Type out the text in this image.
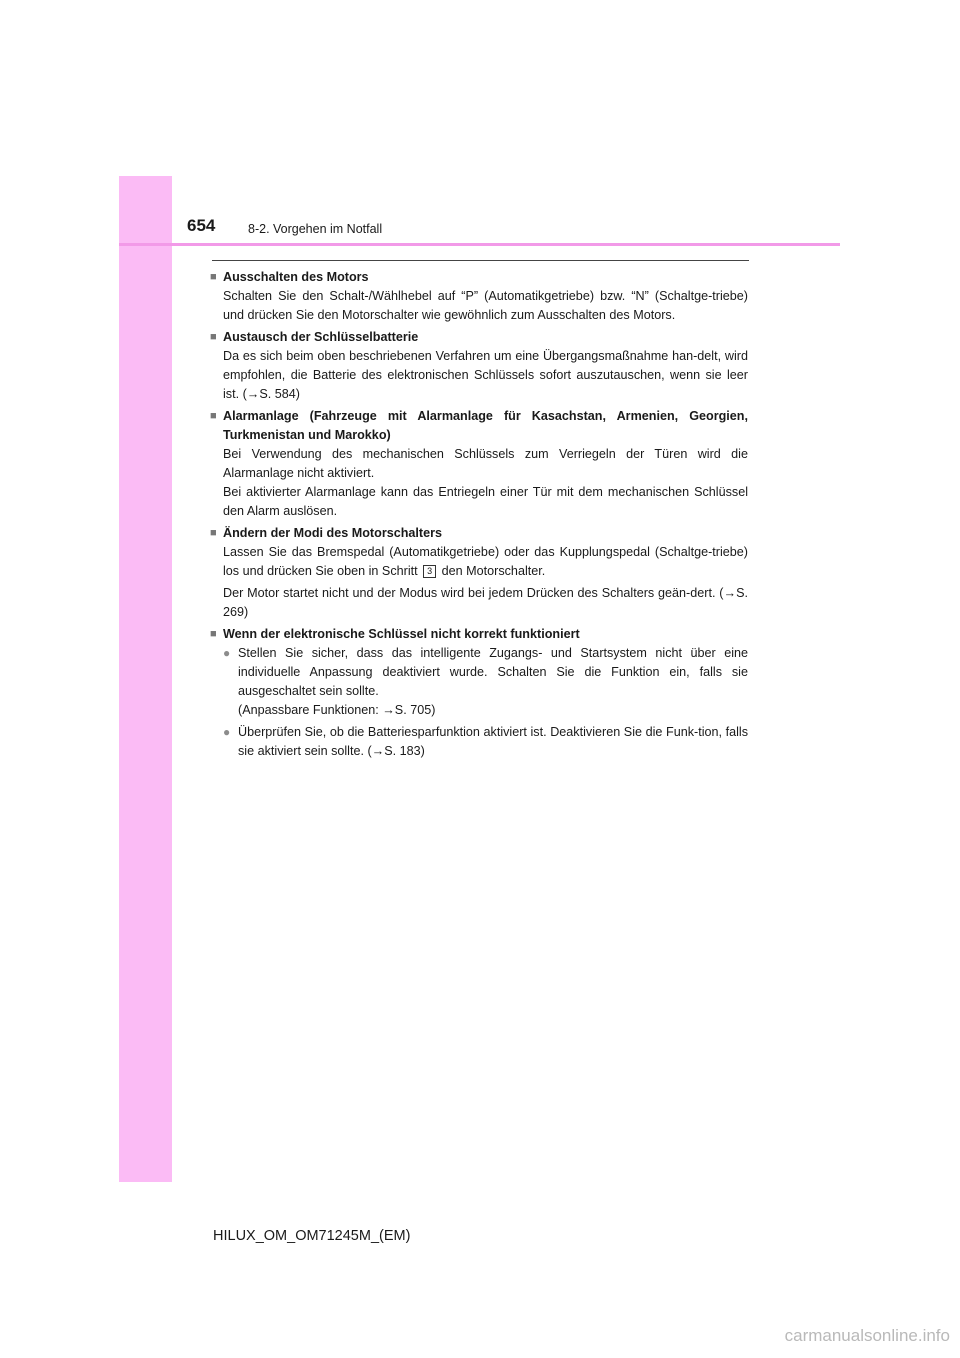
654	8-2. Vorgehen im Notfall
■ Ausschalten des Motors
Schalten Sie den Schalt-/Wählhebel auf “P” (Automatikgetriebe) bzw. “N” (Schaltge-triebe) und drücken Sie den Motorschalter wie gewöhnlich zum Ausschalten des Motors.
■ Austausch der Schlüsselbatterie
Da es sich beim oben beschriebenen Verfahren um eine Übergangsmaßnahme han-delt, wird empfohlen, die Batterie des elektronischen Schlüssels sofort auszutauschen, wenn sie leer ist. (→S. 584)
■ Alarmanlage (Fahrzeuge mit Alarmanlage für Kasachstan, Armenien, Georgien, Turkmenistan und Marokko)
Bei Verwendung des mechanischen Schlüssels zum Verriegeln der Türen wird die Alarmanlage nicht aktiviert.
Bei aktivierter Alarmanlage kann das Entriegeln einer Tür mit dem mechanischen Schlüssel den Alarm auslösen.
■ Ändern der Modi des Motorschalters
Lassen Sie das Bremspedal (Automatikgetriebe) oder das Kupplungspedal (Schaltge-triebe) los und drücken Sie oben in Schritt 3 den Motorschalter.
Der Motor startet nicht und der Modus wird bei jedem Drücken des Schalters geän-dert. (→S. 269)
■ Wenn der elektronische Schlüssel nicht korrekt funktioniert
● Stellen Sie sicher, dass das intelligente Zugangs- und Startsystem nicht über eine individuelle Anpassung deaktiviert wurde. Schalten Sie die Funktion ein, falls sie ausgeschaltet sein sollte.
(Anpassbare Funktionen: →S. 705)
● Überprüfen Sie, ob die Batteriesparfunktion aktiviert ist. Deaktivieren Sie die Funk-tion, falls sie aktiviert sein sollte. (→S. 183)
HILUX_OM_OM71245M_(EM)
carmanualsonline.info
